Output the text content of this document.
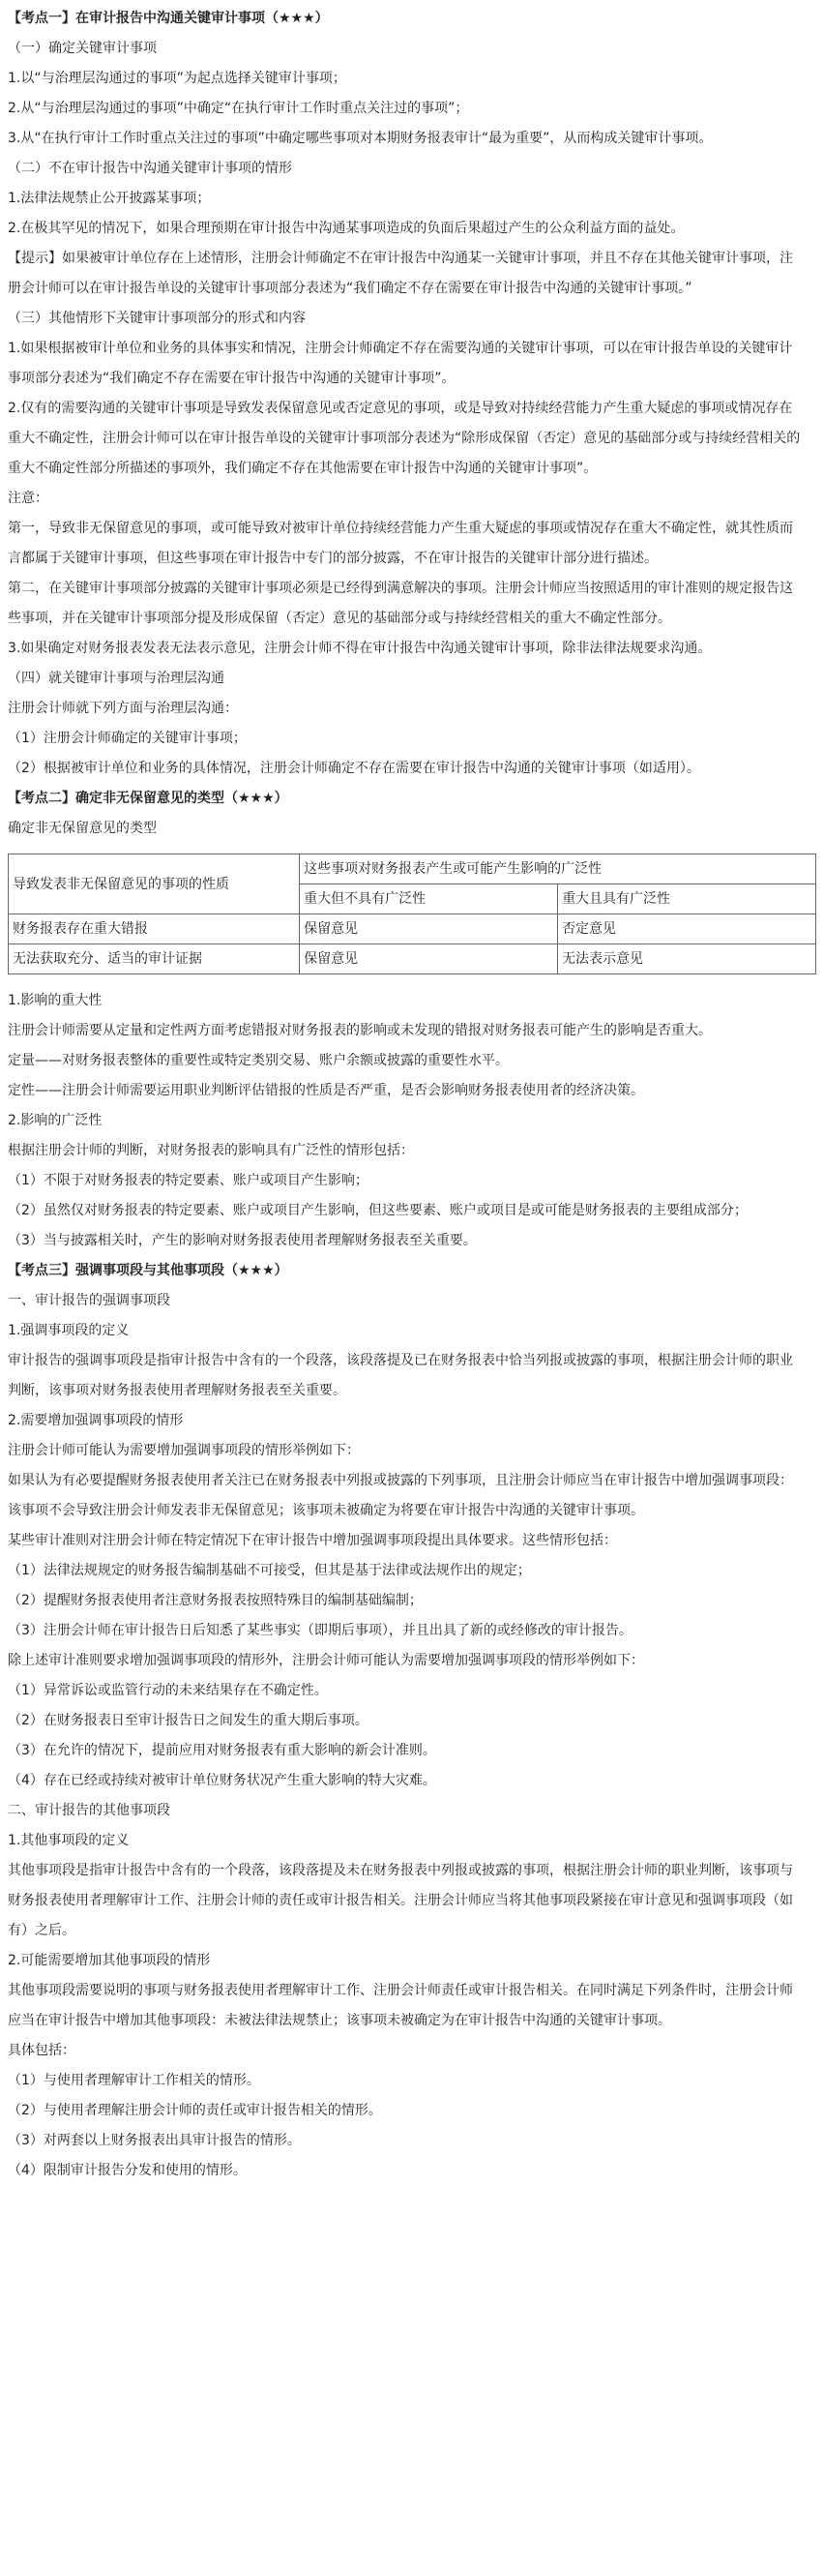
【考点一】在审计报告中沟通关键审计事项（★★★）

（一）确定关键审计事项

1.以“与治理层沟通过的事项”为起点选择关键审计事项；

2.从“与治理层沟通过的事项”中确定“在执行审计工作时重点关注过的事项”；

3.从“在执行审计工作时重点关注过的事项”中确定哪些事项对本期财务报表审计“最为重要”，从而构成关键审计事项。

（二）不在审计报告中沟通关键审计事项的情形

1.法律法规禁止公开披露某事项；

2.在极其罕见的情况下，如果合理预期在审计报告中沟通某事项造成的负面后果超过产生的公众利益方面的益处。

【提示】如果被审计单位存在上述情形，注册会计师确定不在审计报告中沟通某一关键审计事项，并且不存在其他关键审计事项，注册会计师可以在审计报告单设的关键审计事项部分表述为“我们确定不存在需要在审计报告中沟通的关键审计事项。”

（三）其他情形下关键审计事项部分的形式和内容

1.如果根据被审计单位和业务的具体事实和情况，注册会计师确定不存在需要沟通的关键审计事项，可以在审计报告单设的关键审计事项部分表述为“我们确定不存在需要在审计报告中沟通的关键审计事项”。

2.仅有的需要沟通的关键审计事项是导致发表保留意见或否定意见的事项，或是导致对持续经营能力产生重大疑虑的事项或情况存在重大不确定性，注册会计师可以在审计报告单设的关键审计事项部分表述为“除形成保留（否定）意见的基础部分或与持续经营相关的重大不确定性部分所描述的事项外，我们确定不存在其他需要在审计报告中沟通的关键审计事项”。

注意：

第一，导致非无保留意见的事项，或可能导致对被审计单位持续经营能力产生重大疑虑的事项或情况存在重大不确定性，就其性质而言都属于关键审计事项，但这些事项在审计报告中专门的部分披露，不在审计报告的关键审计部分进行描述。

第二，在关键审计事项部分披露的关键审计事项必须是已经得到满意解决的事项。注册会计师应当按照适用的审计准则的规定报告这些事项，并在关键审计事项部分提及形成保留（否定）意见的基础部分或与持续经营相关的重大不确定性部分。

3.如果确定对财务报表发表无法表示意见，注册会计师不得在审计报告中沟通关键审计事项，除非法律法规要求沟通。

（四）就关键审计事项与治理层沟通

注册会计师就下列方面与治理层沟通：

（1）注册会计师确定的关键审计事项；

（2）根据被审计单位和业务的具体情况，注册会计师确定不存在需要在审计报告中沟通的关键审计事项（如适用）。

【考点二】确定非无保留意见的类型（★★★）

确定非无保留意见的类型

导致发表非无保留意见的事项的性质	这些事项对财务报表产生或可能产生影响的广泛性	
	重大但不具有广泛性	重大且具有广泛性
财务报表存在重大错报	保留意见	否定意见
无法获取充分、适当的审计证据	保留意见	无法表示意见

1.影响的重大性

注册会计师需要从定量和定性两方面考虑错报对财务报表的影响或未发现的错报对财务报表可能产生的影响是否重大。

定量——对财务报表整体的重要性或特定类别交易、账户余额或披露的重要性水平。

定性——注册会计师需要运用职业判断评估错报的性质是否严重，是否会影响财务报表使用者的经济决策。

2.影响的广泛性

根据注册会计师的判断，对财务报表的影响具有广泛性的情形包括：

（1）不限于对财务报表的特定要素、账户或项目产生影响；

（2）虽然仅对财务报表的特定要素、账户或项目产生影响，但这些要素、账户或项目是或可能是财务报表的主要组成部分；

（3）当与披露相关时，产生的影响对财务报表使用者理解财务报表至关重要。

【考点三】强调事项段与其他事项段（★★★）

一、审计报告的强调事项段

1.强调事项段的定义

审计报告的强调事项段是指审计报告中含有的一个段落，该段落提及已在财务报表中恰当列报或披露的事项，根据注册会计师的职业判断，该事项对财务报表使用者理解财务报表至关重要。

2.需要增加强调事项段的情形

注册会计师可能认为需要增加强调事项段的情形举例如下：

如果认为有必要提醒财务报表使用者关注已在财务报表中列报或披露的下列事项，且注册会计师应当在审计报告中增加强调事项段：该事项不会导致注册会计师发表非无保留意见；该事项未被确定为将要在审计报告中沟通的关键审计事项。

某些审计准则对注册会计师在特定情况下在审计报告中增加强调事项段提出具体要求。这些情形包括：

（1）法律法规规定的财务报告编制基础不可接受，但其是基于法律或法规作出的规定；

（2）提醒财务报表使用者注意财务报表按照特殊目的编制基础编制；

（3）注册会计师在审计报告日后知悉了某些事实（即期后事项），并且出具了新的或经修改的审计报告。

除上述审计准则要求增加强调事项段的情形外，注册会计师可能认为需要增加强调事项段的情形举例如下：

（1）异常诉讼或监管行动的未来结果存在不确定性。

（2）在财务报表日至审计报告日之间发生的重大期后事项。

（3）在允许的情况下，提前应用对财务报表有重大影响的新会计准则。

（4）存在已经或持续对被审计单位财务状况产生重大影响的特大灾难。

二、审计报告的其他事项段

1.其他事项段的定义

其他事项段是指审计报告中含有的一个段落，该段落提及未在财务报表中列报或披露的事项，根据注册会计师的职业判断，该事项与财务报表使用者理解审计工作、注册会计师的责任或审计报告相关。注册会计师应当将其他事项段紧接在审计意见和强调事项段（如有）之后。

2.可能需要增加其他事项段的情形

其他事项段需要说明的事项与财务报表使用者理解审计工作、注册会计师责任或审计报告相关。在同时满足下列条件时，注册会计师应当在审计报告中增加其他事项段：未被法律法规禁止；该事项未被确定为在审计报告中沟通的关键审计事项。

具体包括：

（1）与使用者理解审计工作相关的情形。

（2）与使用者理解注册会计师的责任或审计报告相关的情形。

（3）对两套以上财务报表出具审计报告的情形。

（4）限制审计报告分发和使用的情形。
